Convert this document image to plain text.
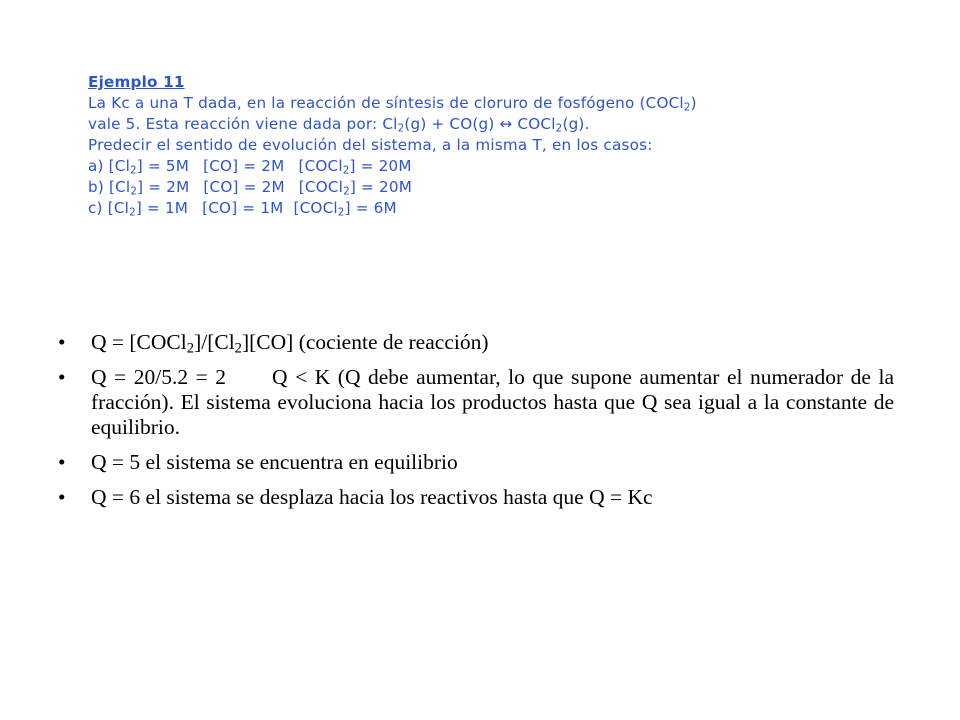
Ejemplo 11
La Kc a una T dada, en la reacción de síntesis de cloruro de fosfógeno (COCl$_2$)
vale 5. Esta reacción viene dada por: $Cl_2(g) + CO(g)$ ↔ COCl$_2$(g).
Predecir el sentido de evolución del sistema, a la misma T, en los casos:
a) $[Cl_2] = 5M$ [CO] = 2M [COCl$_2$] = 20M
b) $[Cl_2] = 2M$ [CO] = 2M [COCl$_2$] = 20M
c) $[Cl_2] = 1M$ [CO] = 1M [COCl$_2$] = 6M
• $Q = [COCl_2]/[Cl_2][CO]$ (cociente de reacción)
• Q = 20/5.2 = 2 Q < K (Q debe aumentar, lo que supone aumentar el numerador de la fracción). El sistema evoluciona hacia los productos hasta que Q sea igual a la constante de equilibrio.
• Q = 5 el sistema se encuentra en equilibrio
• Q = 6 el sistema se desplaza hacia los reactivos hasta que Q = Kc
